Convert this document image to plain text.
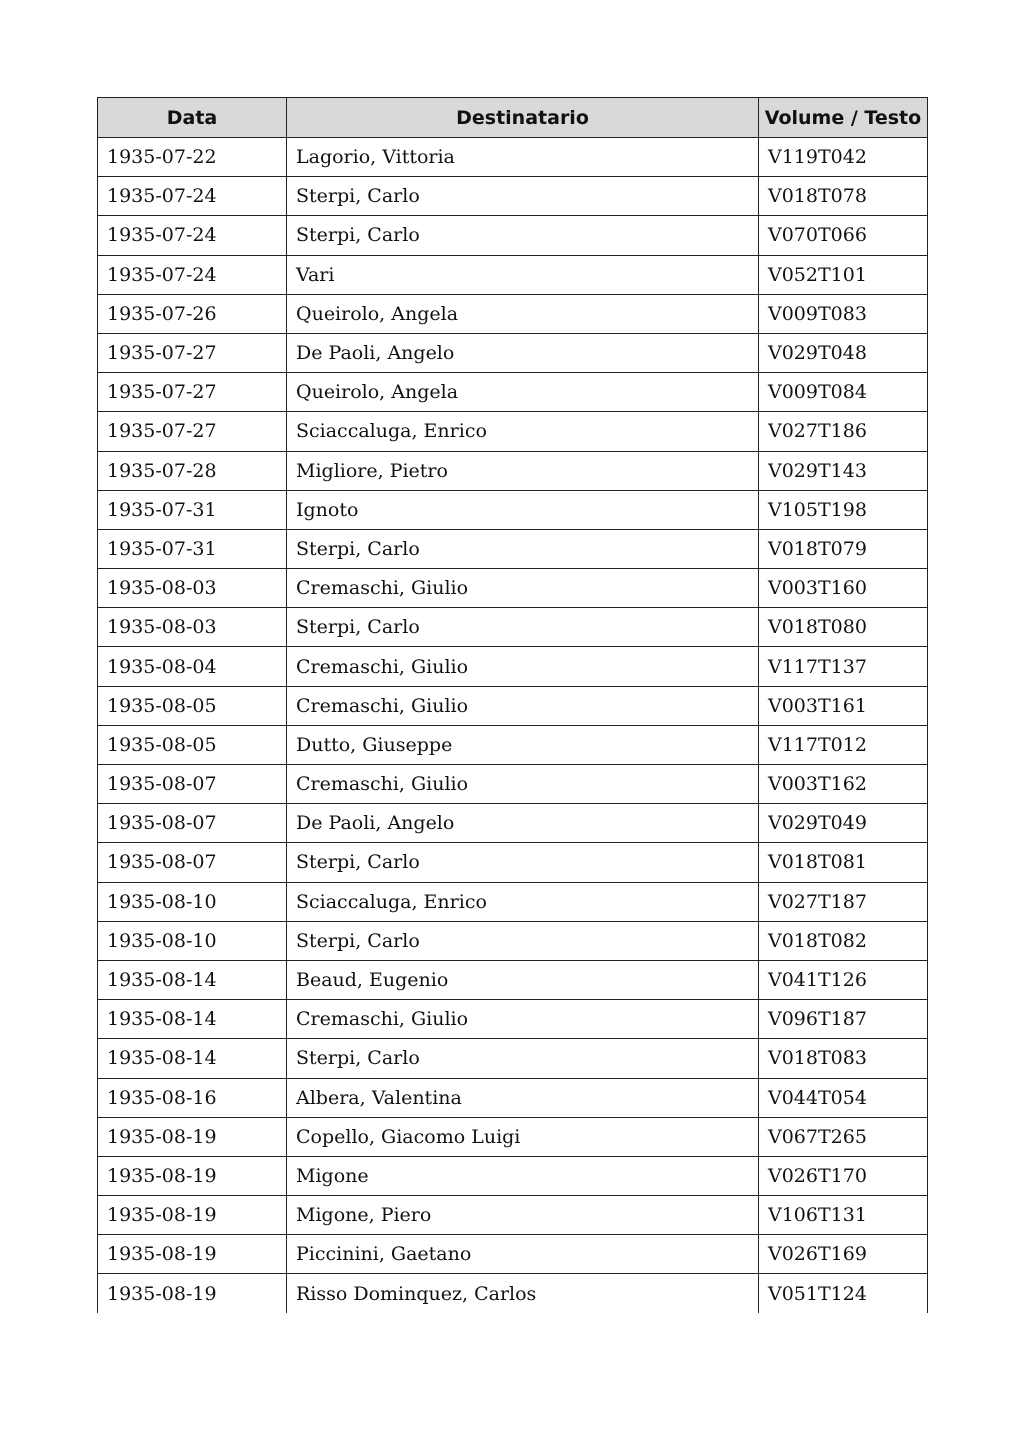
Data	Destinatario	Volume / Testo
1935-07-22	Lagorio, Vittoria	V119T042
1935-07-24	Sterpi, Carlo	V018T078
1935-07-24	Sterpi, Carlo	V070T066
1935-07-24	Vari	V052T101
1935-07-26	Queirolo, Angela	V009T083
1935-07-27	De Paoli, Angelo	V029T048
1935-07-27	Queirolo, Angela	V009T084
1935-07-27	Sciaccaluga, Enrico	V027T186
1935-07-28	Migliore, Pietro	V029T143
1935-07-31	Ignoto	V105T198
1935-07-31	Sterpi, Carlo	V018T079
1935-08-03	Cremaschi, Giulio	V003T160
1935-08-03	Sterpi, Carlo	V018T080
1935-08-04	Cremaschi, Giulio	V117T137
1935-08-05	Cremaschi, Giulio	V003T161
1935-08-05	Dutto, Giuseppe	V117T012
1935-08-07	Cremaschi, Giulio	V003T162
1935-08-07	De Paoli, Angelo	V029T049
1935-08-07	Sterpi, Carlo	V018T081
1935-08-10	Sciaccaluga, Enrico	V027T187
1935-08-10	Sterpi, Carlo	V018T082
1935-08-14	Beaud, Eugenio	V041T126
1935-08-14	Cremaschi, Giulio	V096T187
1935-08-14	Sterpi, Carlo	V018T083
1935-08-16	Albera, Valentina	V044T054
1935-08-19	Copello, Giacomo Luigi	V067T265
1935-08-19	Migone	V026T170
1935-08-19	Migone, Piero	V106T131
1935-08-19	Piccinini, Gaetano	V026T169
1935-08-19	Risso Dominquez, Carlos	V051T124
